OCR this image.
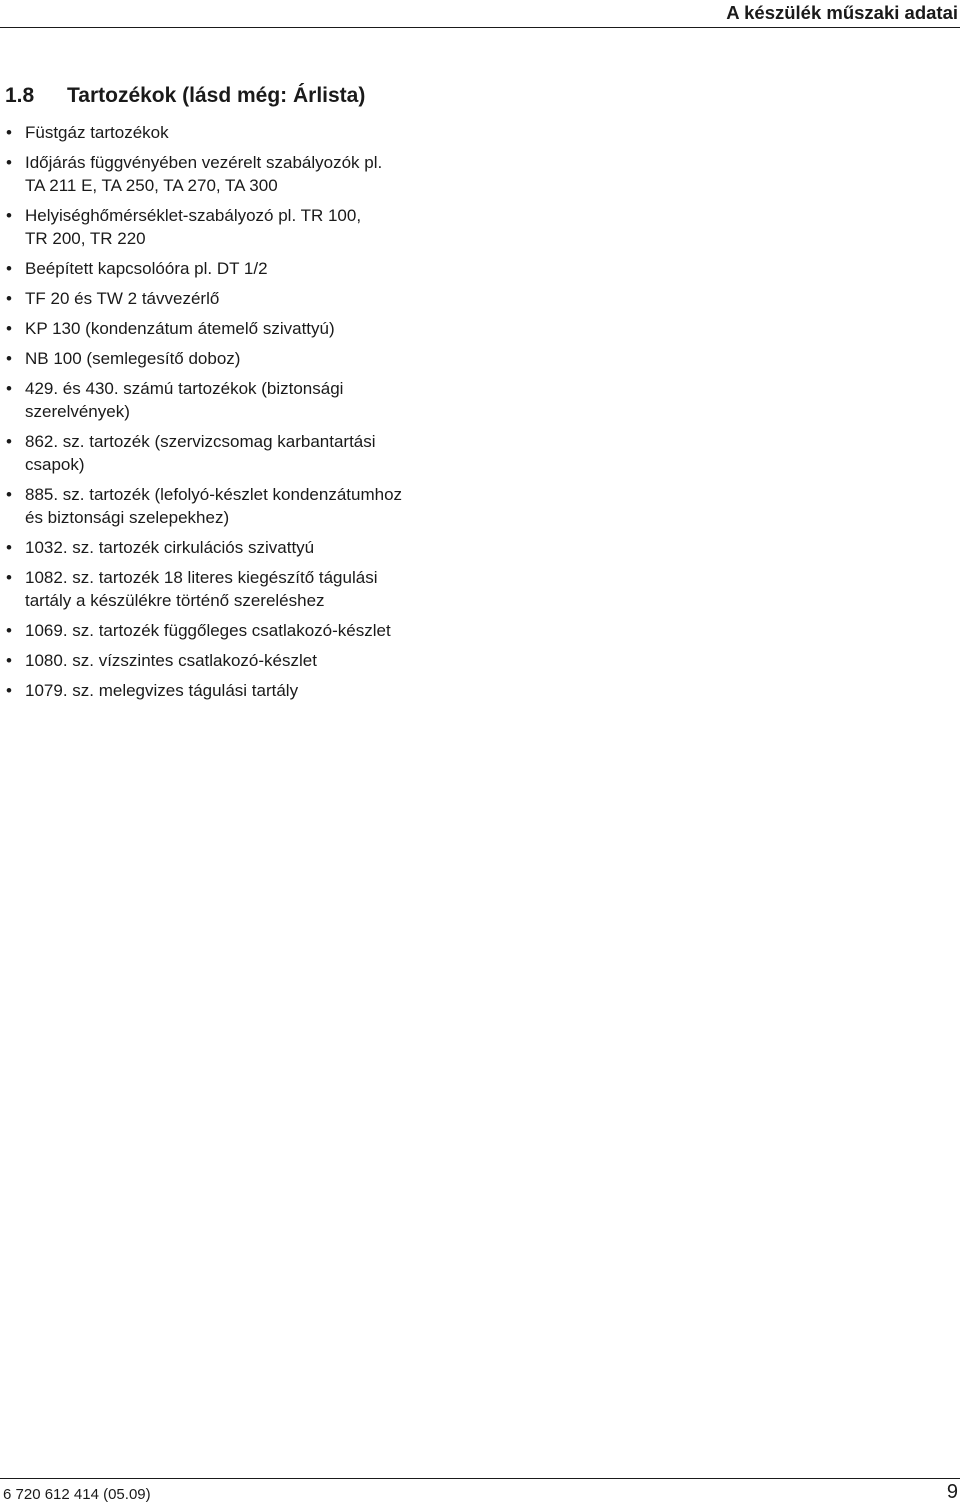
A készülék műszaki adatai
1.8 Tartozékok (lásd még: Árlista)
• Füstgáz tartozékok
• Időjárás függvényében vezérelt szabályozók pl.
TA 211 E, TA 250, TA 270, TA 300
• Helyiséghőmérséklet-szabályozó pl. TR 100,
TR 200, TR 220
• Beépített kapcsolóóra pl. DT 1/2
• TF 20 és TW 2 távvezérlő
• KP 130 (kondenzátum átemelő szivattyú)
• NB 100 (semlegesítő doboz)
• 429. és 430. számú tartozékok (biztonsági
szerelvények)
• 862. sz. tartozék (szervizcsomag karbantartási
csapok)
• 885. sz. tartozék (lefolyó-készlet kondenzátumhoz
és biztonsági szelepekhez)
• 1032. sz. tartozék cirkulációs szivattyú
• 1082. sz. tartozék 18 literes kiegészítő tágulási
tartály a készülékre történő szereléshez
• 1069. sz. tartozék függőleges csatlakozó-készlet
• 1080. sz. vízszintes csatlakozó-készlet
• 1079. sz. melegvizes tágulási tartály
6 720 612 414 (05.09)	9
